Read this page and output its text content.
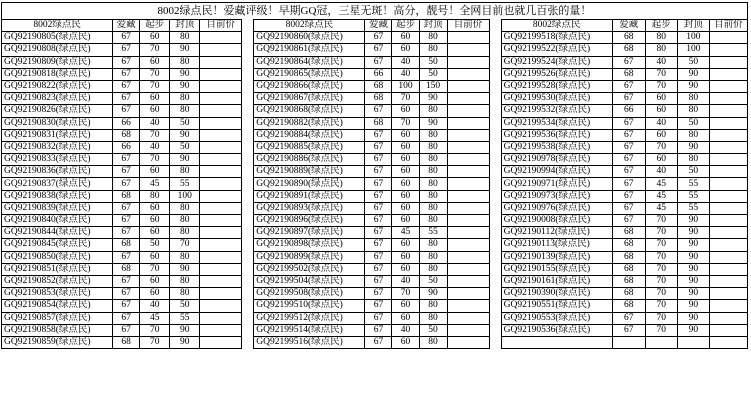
8002绿点民！爱藏评级！早期GQ冠，三星无斑！高分，靓号！全网目前也就几百张的量！
8002绿点民	爱藏	起步	封顶	目前价		8002绿点民	爱藏	起步	封顶	目前价		8002绿点民	爱藏	起步	封顶	目前价
GQ92190805(绿点民)	67	60	80			GQ92190860(绿点民)	67	60	80			GQ92199518(绿点民)	68	80	100	
GQ92190808(绿点民)	67	70	90			GQ92190861(绿点民)	67	60	80			GQ92199522(绿点民)	68	80	100	
GQ92190809(绿点民)	67	60	80			GQ92190864(绿点民)	67	40	50			GQ92199524(绿点民)	67	40	50	
GQ92190818(绿点民)	67	70	90			GQ92190865(绿点民)	66	40	50			GQ92199526(绿点民)	68	70	90	
GQ92190822(绿点民)	67	70	90			GQ92190866(绿点民)	68	100	150			GQ92199528(绿点民)	67	70	90	
GQ92190823(绿点民)	67	60	80			GQ92190867(绿点民)	68	70	90			GQ92199530(绿点民)	67	60	80	
GQ92190826(绿点民)	67	60	80			GQ92190868(绿点民)	67	60	80			GQ92199532(绿点民)	66	60	80	
GQ92190830(绿点民)	66	40	50			GQ92190882(绿点民)	68	70	90			GQ92199534(绿点民)	67	40	50	
GQ92190831(绿点民)	68	70	90			GQ92190884(绿点民)	67	60	80			GQ92199536(绿点民)	67	60	80	
GQ92190832(绿点民)	66	40	50			GQ92190885(绿点民)	67	60	80			GQ92199538(绿点民)	67	70	90	
GQ92190833(绿点民)	67	70	90			GQ92190886(绿点民)	67	60	80			GQ92190978(绿点民)	67	60	80	
GQ92190836(绿点民)	67	60	80			GQ92190889(绿点民)	67	60	80			GQ92190994(绿点民)	67	40	50	
GQ92190837(绿点民)	67	45	55			GQ92190890(绿点民)	67	60	80			GQ92190971(绿点民)	67	45	55	
GQ92190838(绿点民)	68	80	100			GQ92190891(绿点民)	67	60	80			GQ92190973(绿点民)	67	45	55	
GQ92190839(绿点民)	67	60	80			GQ92190893(绿点民)	67	60	80			GQ92190976(绿点民)	67	45	55	
GQ92190840(绿点民)	67	60	80			GQ92190896(绿点民)	67	60	80			GQ92190008(绿点民)	67	70	90	
GQ92190844(绿点民)	67	60	80			GQ92190897(绿点民)	67	45	55			GQ92190112(绿点民)	68	70	90	
GQ92190845(绿点民)	68	50	70			GQ92190898(绿点民)	67	60	80			GQ92190113(绿点民)	68	70	90	
GQ92190850(绿点民)	67	60	80			GQ92190899(绿点民)	67	60	80			GQ92190139(绿点民)	68	70	90	
GQ92190851(绿点民)	68	70	90			GQ92199502(绿点民)	67	60	80			GQ92190155(绿点民)	68	70	90	
GQ92190852(绿点民)	67	60	80			GQ92199504(绿点民)	67	40	50			GQ92190161(绿点民)	68	70	90	
GQ92190853(绿点民)	67	60	80			GQ92199508(绿点民)	67	70	90			GQ92190390(绿点民)	68	70	90	
GQ92190854(绿点民)	67	40	50			GQ92199510(绿点民)	67	60	80			GQ92190551(绿点民)	68	70	90	
GQ92190857(绿点民)	67	45	55			GQ92199512(绿点民)	67	60	80			GQ92190553(绿点民)	67	70	90	
GQ92190858(绿点民)	67	70	90			GQ92199514(绿点民)	67	40	50			GQ92190536(绿点民)	67	70	90	
GQ92190859(绿点民)	68	70	90			GQ92199516(绿点民)	67	60	80							
